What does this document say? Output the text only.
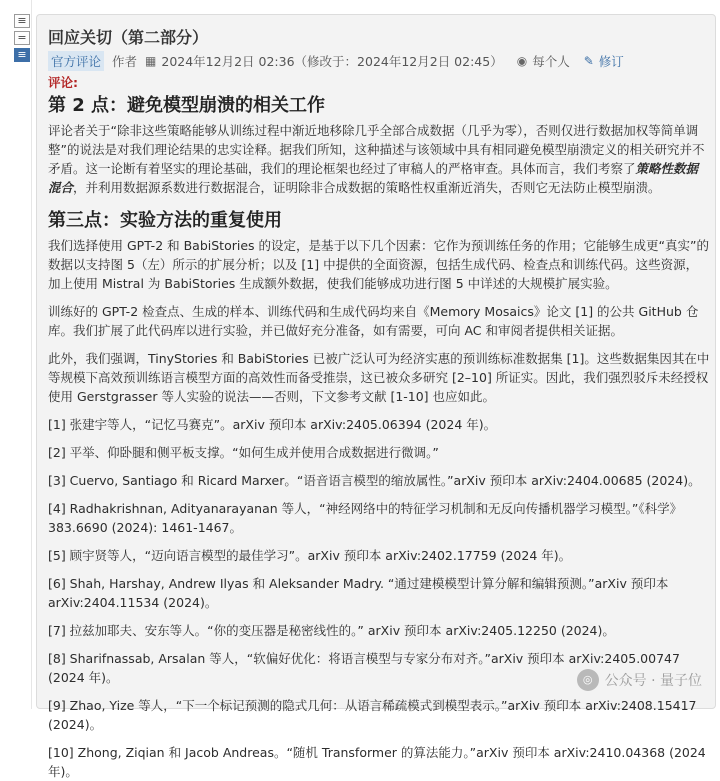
≡
=
≡
回应关切（第二部分）
官方评论 作者 ▦ 2024年12月2日 02:36（修改于：2024年12月2日 02:45） ◉ 每个人 ✎ 修订
评论:
第 2 点：避免模型崩溃的相关工作

评论者关于“除非这些策略能够从训练过程中渐近地移除几乎全部合成数据（几乎为零），否则仅进行数据加权等简单调整”的说法是对我们理论结果的忠实诠释。据我们所知，这种描述与该领域中具有相同避免模型崩溃定义的相关研究并不矛盾。这一论断有着坚实的理论基础，我们的理论框架也经过了审稿人的严格审查。具体而言，我们考察了策略性数据混合，并利用数据源系数进行数据混合，证明除非合成数据的策略性权重渐近消失，否则它无法防止模型崩溃。

第三点：实验方法的重复使用

我们选择使用 GPT-2 和 BabiStories 的设定，是基于以下几个因素：它作为预训练任务的作用；它能够生成更“真实”的数据以支持图 5（左）所示的扩展分析；以及 [1] 中提供的全面资源，包括生成代码、检查点和训练代码。这些资源，加上使用 Mistral 为 BabiStories 生成额外数据，使我们能够成功进行图 5 中详述的大规模扩展实验。

训练好的 GPT-2 检查点、生成的样本、训练代码和生成代码均来自《Memory Mosaics》论文 [1] 的公共 GitHub 仓库。我们扩展了此代码库以进行实验，并已做好充分准备，如有需要，可向 AC 和审阅者提供相关证据。

此外，我们强调，TinyStories 和 BabiStories 已被广泛认可为经济实惠的预训练标准数据集 [1]。这些数据集因其在中等规模下高效预训练语言模型方面的高效性而备受推崇，这已被众多研究 [2–10] 所证实。因此，我们强烈驳斥未经授权使用 Gerstgrasser 等人实验的说法——否则，下文参考文献 [1-10] 也应如此。

[1] 张建宇等人，“记忆马赛克”。arXiv 预印本 arXiv:2405.06394 (2024 年)。

[2] 平举、仰卧腿和侧平板支撑。“如何生成并使用合成数据进行微调。”

[3] Cuervo, Santiago 和 Ricard Marxer。“语音语言模型的缩放属性。”arXiv 预印本 arXiv:2404.00685 (2024)。

[4] Radhakrishnan, Adityanarayanan 等人，“神经网络中的特征学习机制和无反向传播机器学习模型。”《科学》383.6690 (2024): 1461-1467。

[5] 顾宇贤等人，“迈向语言模型的最佳学习”。arXiv 预印本 arXiv:2402.17759 (2024 年)。

[6] Shah, Harshay, Andrew Ilyas 和 Aleksander Madry. “通过建模模型计算分解和编辑预测。”arXiv 预印本 arXiv:2404.11534 (2024)。

[7] 拉兹加耶夫、安东等人。“你的变压器是秘密线性的。” arXiv 预印本 arXiv:2405.12250 (2024)。

[8] Sharifnassab, Arsalan 等人，“软偏好优化：将语言模型与专家分布对齐。”arXiv 预印本 arXiv:2405.00747 (2024 年)。

[9] Zhao, Yize 等人，“下一个标记预测的隐式几何：从语言稀疏模式到模型表示。”arXiv 预印本 arXiv:2408.15417 (2024)。

[10] Zhong, Ziqian 和 Jacob Andreas。“随机 Transformer 的算法能力。”arXiv 预印本 arXiv:2410.04368 (2024 年)。

◎ 公众号 · 量子位
